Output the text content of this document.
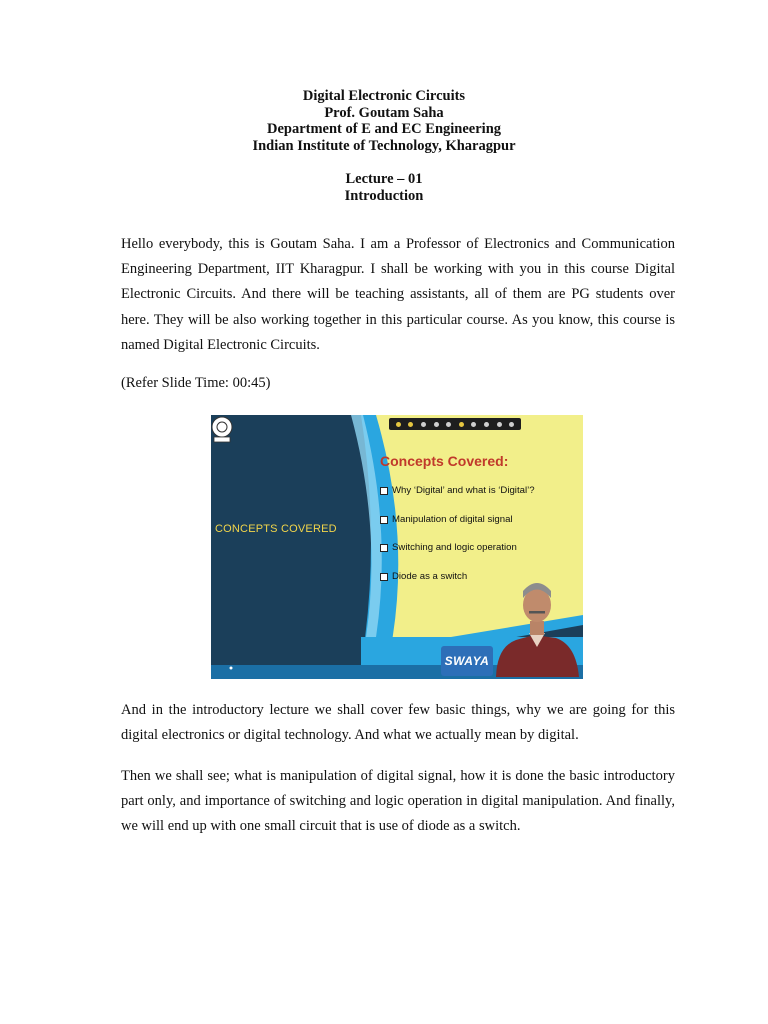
Digital Electronic Circuits
Prof. Goutam Saha
Department of E and EC Engineering
Indian Institute of Technology, Kharagpur
Lecture – 01
Introduction

Hello everybody, this is Goutam Saha. I am a Professor of Electronics and Communication Engineering Department, IIT Kharagpur. I shall be working with you in this course Digital Electronic Circuits. And there will be teaching assistants, all of them are PG students over here. They will be also working together in this particular course. As you know, this course is named Digital Electronic Circuits.

(Refer Slide Time: 00:45)

CONCEPTS COVERED
Concepts Covered:
Why ‘Digital’ and what is ‘Digital’?
Manipulation of digital signal
Switching and logic operation
Diode as a switch
SWAYA

And in the introductory lecture we shall cover few basic things, why we are going for this digital electronics or digital technology. And what we actually mean by digital.

Then we shall see; what is manipulation of digital signal, how it is done the basic introductory part only, and importance of switching and logic operation in digital manipulation. And finally, we will end up with one small circuit that is use of diode as a switch.
